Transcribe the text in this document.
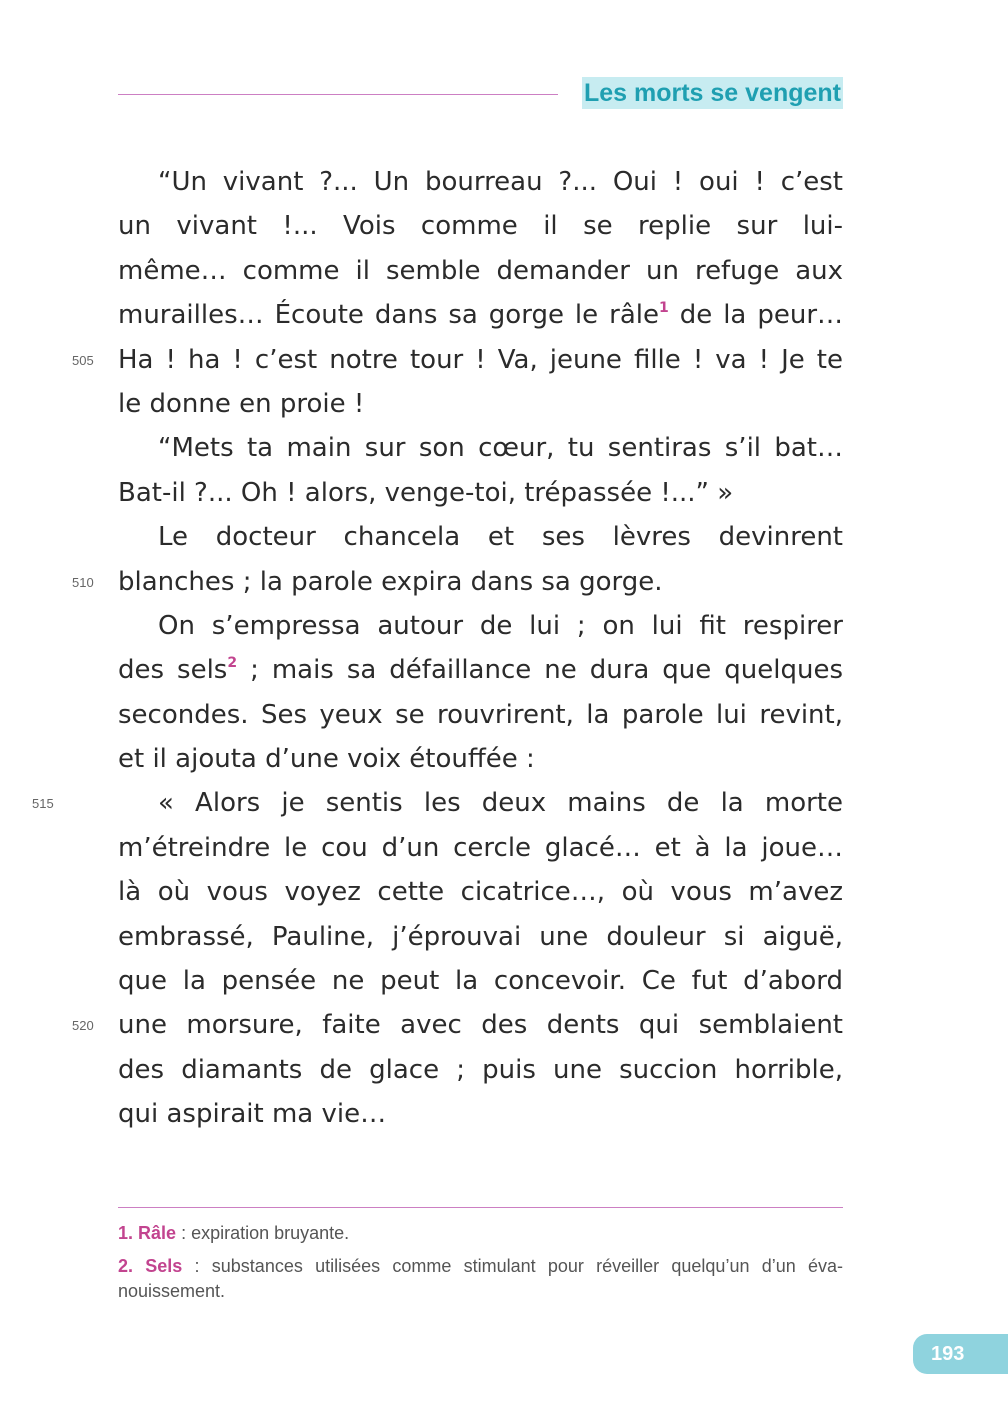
Les morts se vengent
“Un vivant ?... Un bourreau ?... Oui ! oui ! c’est
un vivant !... Vois comme il se replie sur lui-
même… comme il semble demander un refuge aux
murailles… Écoute dans sa gorge le râle$^1$ de la peur…
505 Ha ! ha ! c’est notre tour ! Va, jeune fille ! va ! Je te
le donne en proie !
“Mets ta main sur son cœur, tu sentiras s’il bat…
Bat-il ?... Oh ! alors, venge-toi, trépassée !...” »
Le docteur chancela et ses lèvres devinrent
510 blanches ; la parole expira dans sa gorge.
On s’empressa autour de lui ; on lui fit respirer
des sels$^2$ ; mais sa défaillance ne dura que quelques
secondes. Ses yeux se rouvrirent, la parole lui revint,
et il ajouta d’une voix étouffée :
515	« Alors je sentis les deux mains de la morte
m’étreindre le cou d’un cercle glacé… et à la joue…
là où vous voyez cette cicatrice…, où vous m’avez
embrassé, Pauline, j’éprouvai une douleur si aiguë,
que la pensée ne peut la concevoir. Ce fut d’abord
520 une morsure, faite avec des dents qui semblaient
des diamants de glace ; puis une succion horrible,
qui aspirait ma vie…
1. Râle : expiration bruyante.
2. Sels : substances utilisées comme stimulant pour réveiller quelqu’un d’un éva-nouissement.
193
